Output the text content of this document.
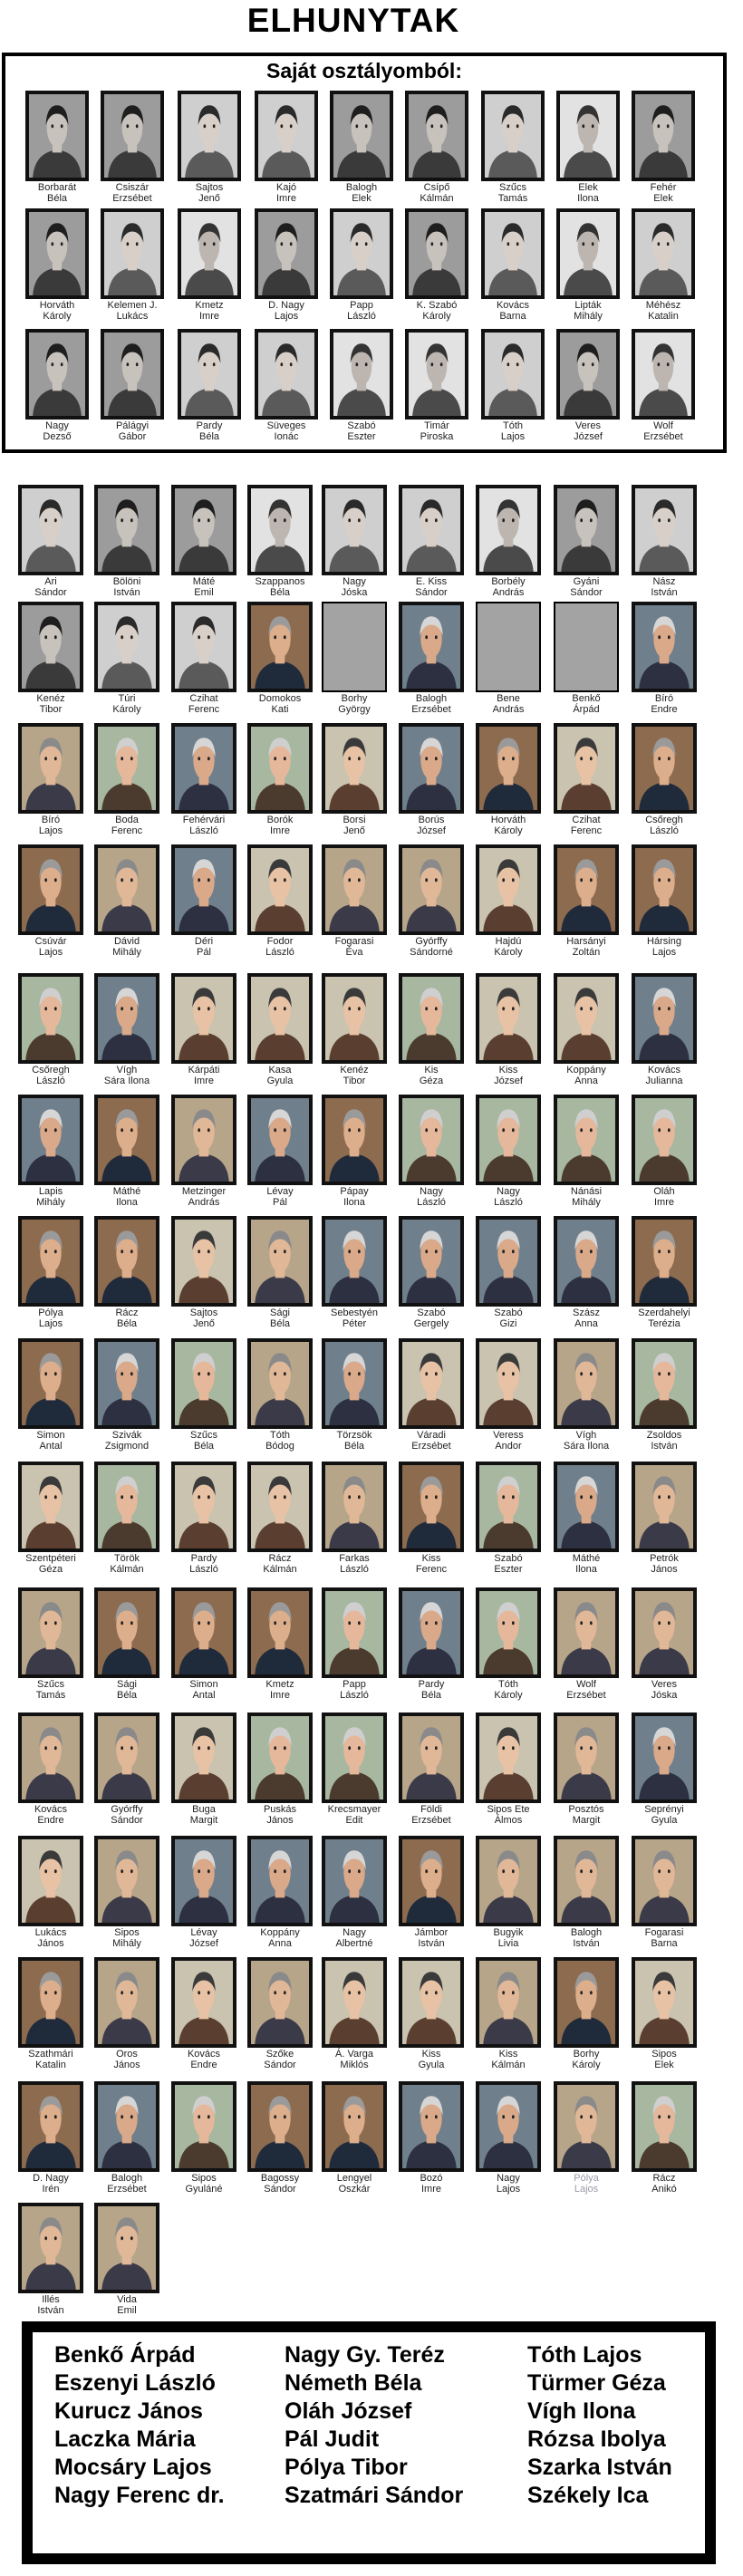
ELHUNYTAK
Saját osztályomból:
Borbarát
Béla
Csiszár
Erzsébet
Sajtos
Jenő
Kajó
Imre
Balogh
Elek
Csípő
Kálmán
Szűcs
Tamás
Elek
Ilona
Fehér
Elek
Horváth
Károly
Kelemen J.
Lukács
Kmetz
Imre
D. Nagy
Lajos
Papp
László
K. Szabó
Károly
Kovács
Barna
Lipták
Mihály
Méhész
Katalin
Nagy
Dezső
Pálágyi
Gábor
Pardy
Béla
Süveges
Ionác
Szabó
Eszter
Timár
Piroska
Tóth
Lajos
Veres
József
Wolf
Erzsébet
Ari
Sándor
Bölöni
István
Máté
Emil
Szappanos
Béla
Nagy
Jóska
E. Kiss
Sándor
Borbély
András
Gyáni
Sándor
Nász
István
Kenéz
Tibor
Túri
Károly
Czihat
Ferenc
Domokos
Kati
Borhy
György
Balogh
Erzsébet
Bene
András
Benkő
Árpád
Bíró
Endre
Bíró
Lajos
Boda
Ferenc
Fehérvári
László
Borók
Imre
Borsi
Jenő
Borús
József
Horváth
Károly
Czihat
Ferenc
Csőregh
László
Csúvár
Lajos
Dávid
Mihály
Déri
Pál
Fodor
László
Fogarasi
Éva
Gyórffy
Sándorné
Hajdú
Károly
Harsányi
Zoltán
Hársing
Lajos
Csőregh
László
Vígh
Sára Ilona
Kárpáti
Imre
Kasa
Gyula
Kenéz
Tibor
Kis
Géza
Kiss
József
Koppány
Anna
Kovács
Julianna
Lapis
Mihály
Máthé
Ilona
Metzinger
András
Lévay
Pál
Pápay
Ilona
Nagy
László
Nagy
László
Nánási
Mihály
Oláh
Imre
Pólya
Lajos
Rácz
Béla
Sajtos
Jenő
Sági
Béla
Sebestyén
Péter
Szabó
Gergely
Szabó
Gizi
Szász
Anna
Szerdahelyi
Terézia
Simon
Antal
Szivák
Zsigmond
Szűcs
Béla
Tóth
Bódog
Törzsök
Béla
Váradi
Erzsébet
Veress
Andor
Vígh
Sára Ilona
Zsoldos
István
Szentpéteri
Géza
Török
Kálmán
Pardy
László
Rácz
Kálmán
Farkas
László
Kiss
Ferenc
Szabó
Eszter
Máthé
Ilona
Petrók
János
Szűcs
Tamás
Sági
Béla
Simon
Antal
Kmetz
Imre
Papp
László
Pardy
Béla
Tóth
Károly
Wolf
Erzsébet
Veres
Jóska
Kovács
Endre
Gyórffy
Sándor
Buga
Margit
Puskás
János
Krecsmayer
Edit
Földi
Erzsébet
Sipos Ete
Álmos
Posztós
Margit
Seprényi
Gyula
Lukács
János
Sipos
Mihály
Lévay
József
Koppány
Anna
Nagy
Albertné
Jámbor
István
Bugyik
Livia
Balogh
István
Fogarasi
Barna
Szathmári
Katalin
Oros
János
Kovács
Endre
Szőke
Sándor
Á. Varga
Miklós
Kiss
Gyula
Kiss
Kálmán
Borhy
Károly
Sipos
Elek
D. Nagy
Irén
Balogh
Erzsébet
Sipos
Gyuláné
Bagossy
Sándor
Lengyel
Oszkár
Bozó
Imre
Nagy
Lajos
Pólya
Lajos
Rácz
Anikó
Illés
István
Vida
Emil
Benkő Árpád
Eszenyi László
Kurucz János
Laczka Mária
Mocsáry Lajos
Nagy Ferenc dr.
Nagy Gy. Teréz
Németh Béla
Oláh József
Pál Judit
Pólya Tibor
Szatmári Sándor
Tóth Lajos
Türmer Géza
Vígh Ilona
Rózsa Ibolya
Szarka István
Székely Ica
